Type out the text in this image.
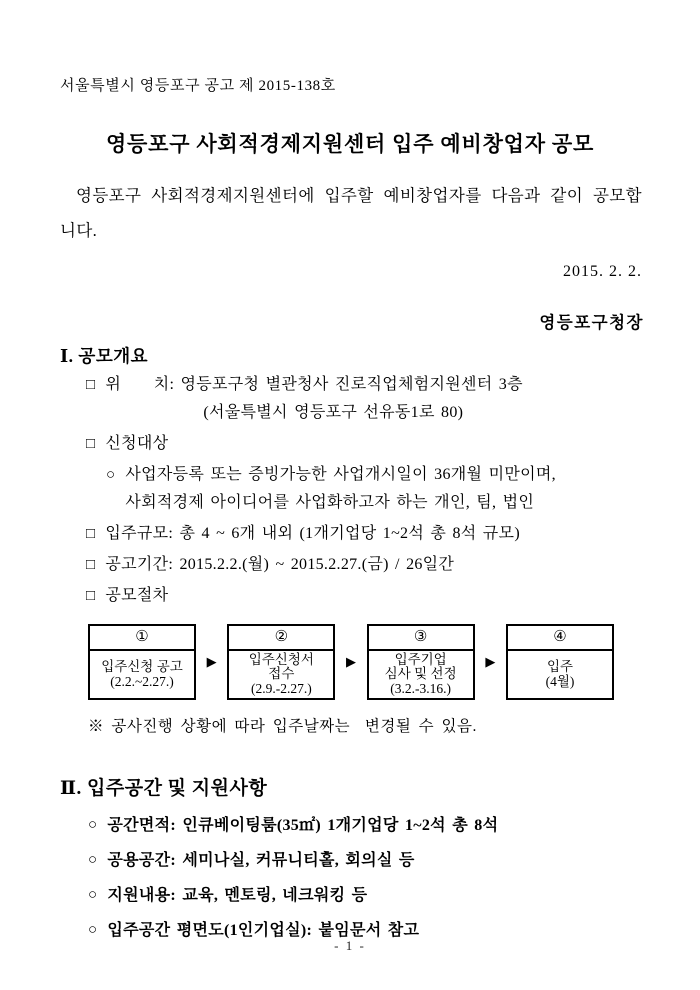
서울특별시 영등포구 공고 제 2015-138호
영등포구 사회적경제지원센터 입주 예비창업자 공모
영등포구 사회적경제지원센터에 입주할 예비창업자를 다음과 같이 공모합니다.
2015. 2. 2.
영등포구청장
Ⅰ. 공모개요
□ 위　　치: 영등포구청 별관청사 진로직업체험지원센터 3층
(서울특별시 영등포구 선유동1로 80)
□ 신청대상
○ 사업자등록 또는 증빙가능한 사업개시일이 36개월 미만이며,
사회적경제 아이디어를 사업화하고자 하는 개인, 팀, 법인
□ 입주규모: 총 4 ~ 6개 내외 (1개기업당 1~2석 총 8석 규모)
□ 공고기간: 2015.2.2.(월) ~ 2015.2.27.(금) / 26일간
□ 공모절차
①
입주신청 공고
(2.2.~2.27.)
▶
②
입주신청서
접수
(2.9.-2.27.)
▶
③
입주기업
심사 및 선정
(3.2.-3.16.)
▶
④
입주
(4월)
※ 공사진행 상황에 따라 입주날짜는  변경될 수 있음.
Ⅱ. 입주공간 및 지원사항
○ 공간면적: 인큐베이팅룸(35㎡) 1개기업당 1~2석 총 8석
○ 공용공간: 세미나실, 커뮤니티홀, 회의실 등
○ 지원내용: 교육, 멘토링, 네크워킹 등
○ 입주공간 평면도(1인기업실): 붙임문서 참고
- 1 -
